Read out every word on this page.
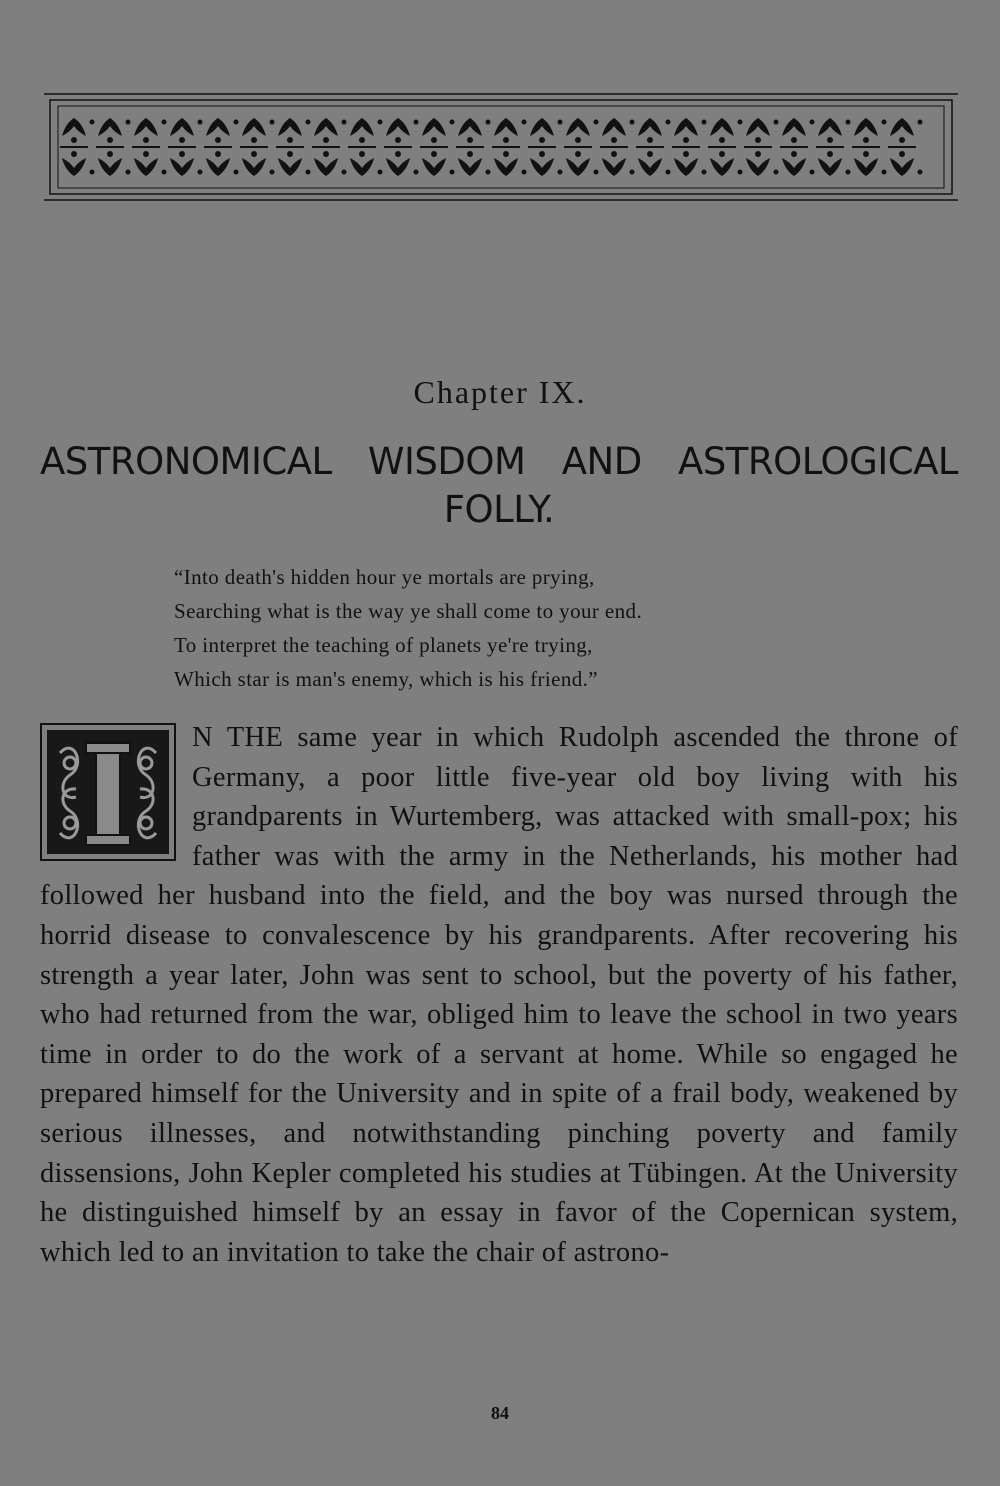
Chapter IX.
ASTRONOMICAL WISDOM AND ASTROLOGICAL FOLLY.
“Into death's hidden hour ye mortals are prying,
Searching what is the way ye shall come to your end.
To interpret the teaching of planets ye're trying,
Which star is man's enemy, which is his friend.”
N THE same year in which Rudolph ascended the throne of Germany, a poor little five-year old boy living with his grandparents in Wurtemberg, was attacked with small-pox; his father was with the army in the Netherlands, his mother had followed her husband into the field, and the boy was nursed through the horrid disease to convalescence by his grandparents. After recovering his strength a year later, John was sent to school, but the poverty of his father, who had returned from the war, obliged him to leave the school in two years time in order to do the work of a servant at home. While so engaged he prepared himself for the University and in spite of a frail body, weakened by serious illnesses, and notwithstanding pinching poverty and family dissensions, John Kepler completed his studies at Tübingen. At the University he distinguished himself by an essay in favor of the Copernican system, which led to an invitation to take the chair of astrono-
84
